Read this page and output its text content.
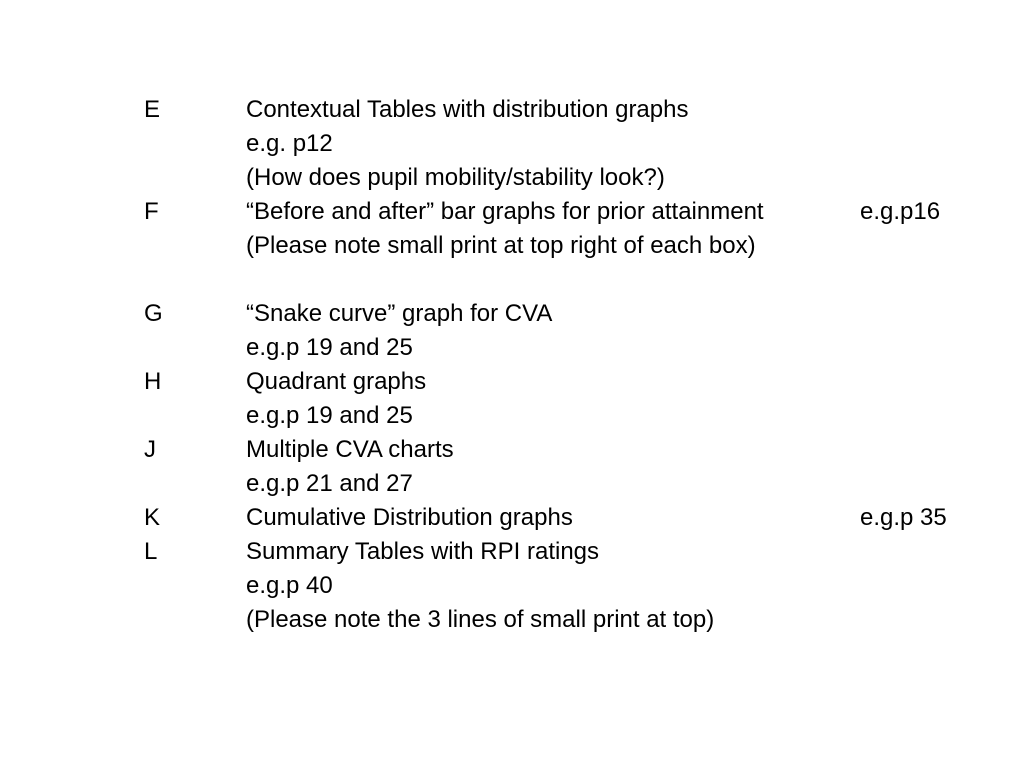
E	Contextual Tables with distribution graphs
e.g. p12
(How does pupil mobility/stability look?)
F	“Before and after” bar graphs for prior attainment	e.g.p16
(Please note small print at top right of each box)
G	“Snake curve” graph for CVA
e.g.p 19 and 25
H	Quadrant graphs
e.g.p 19 and 25
J	Multiple CVA charts
e.g.p 21 and 27
K	Cumulative Distribution graphs	e.g.p 35
L	Summary Tables with RPI ratings
e.g.p 40
(Please note the 3 lines of small print at top)
